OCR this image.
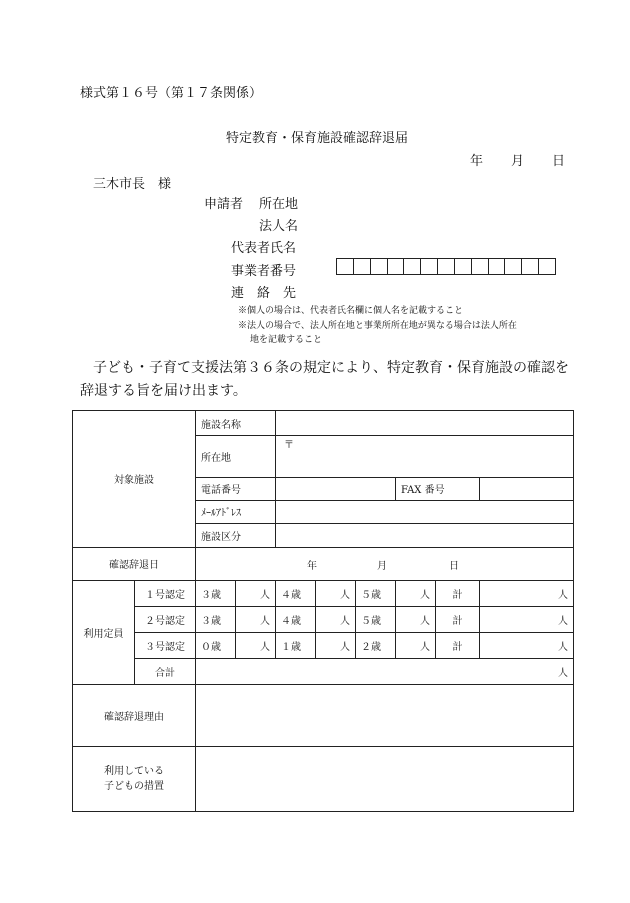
様式第１６号（第１７条関係）
特定教育・保育施設確認辞退届
年 月 日
三木市長　様
申請者 所在地
法人名
代表者氏名
事業者番号
連　絡　先
※個人の場合は、代表者氏名欄に個人名を記載すること
※法人の場合で、法人所在地と事業所所在地が異なる場合は法人所在
地を記載すること
子ども・子育て支援法第３６条の規定により、特定教育・保育施設の確認を
辞退する旨を届け出ます。
対象施設		施設名称							
		所在地		〒					

		電話番号					FAX 番号		
		ﾒｰﾙｱﾄﾞﾚｽ							
		施設区分							
確認辞退日		年 月 日							

利用定員	１号認定	３歳	人	４歳	人	５歳	人	計	人
	２号認定	３歳	人	４歳	人	５歳	人	計	人
	３号認定	０歳	人	１歳	人	２歳	人	計	人
	合計	人							
確認辞退理由									
利用している
子どもの措置									
